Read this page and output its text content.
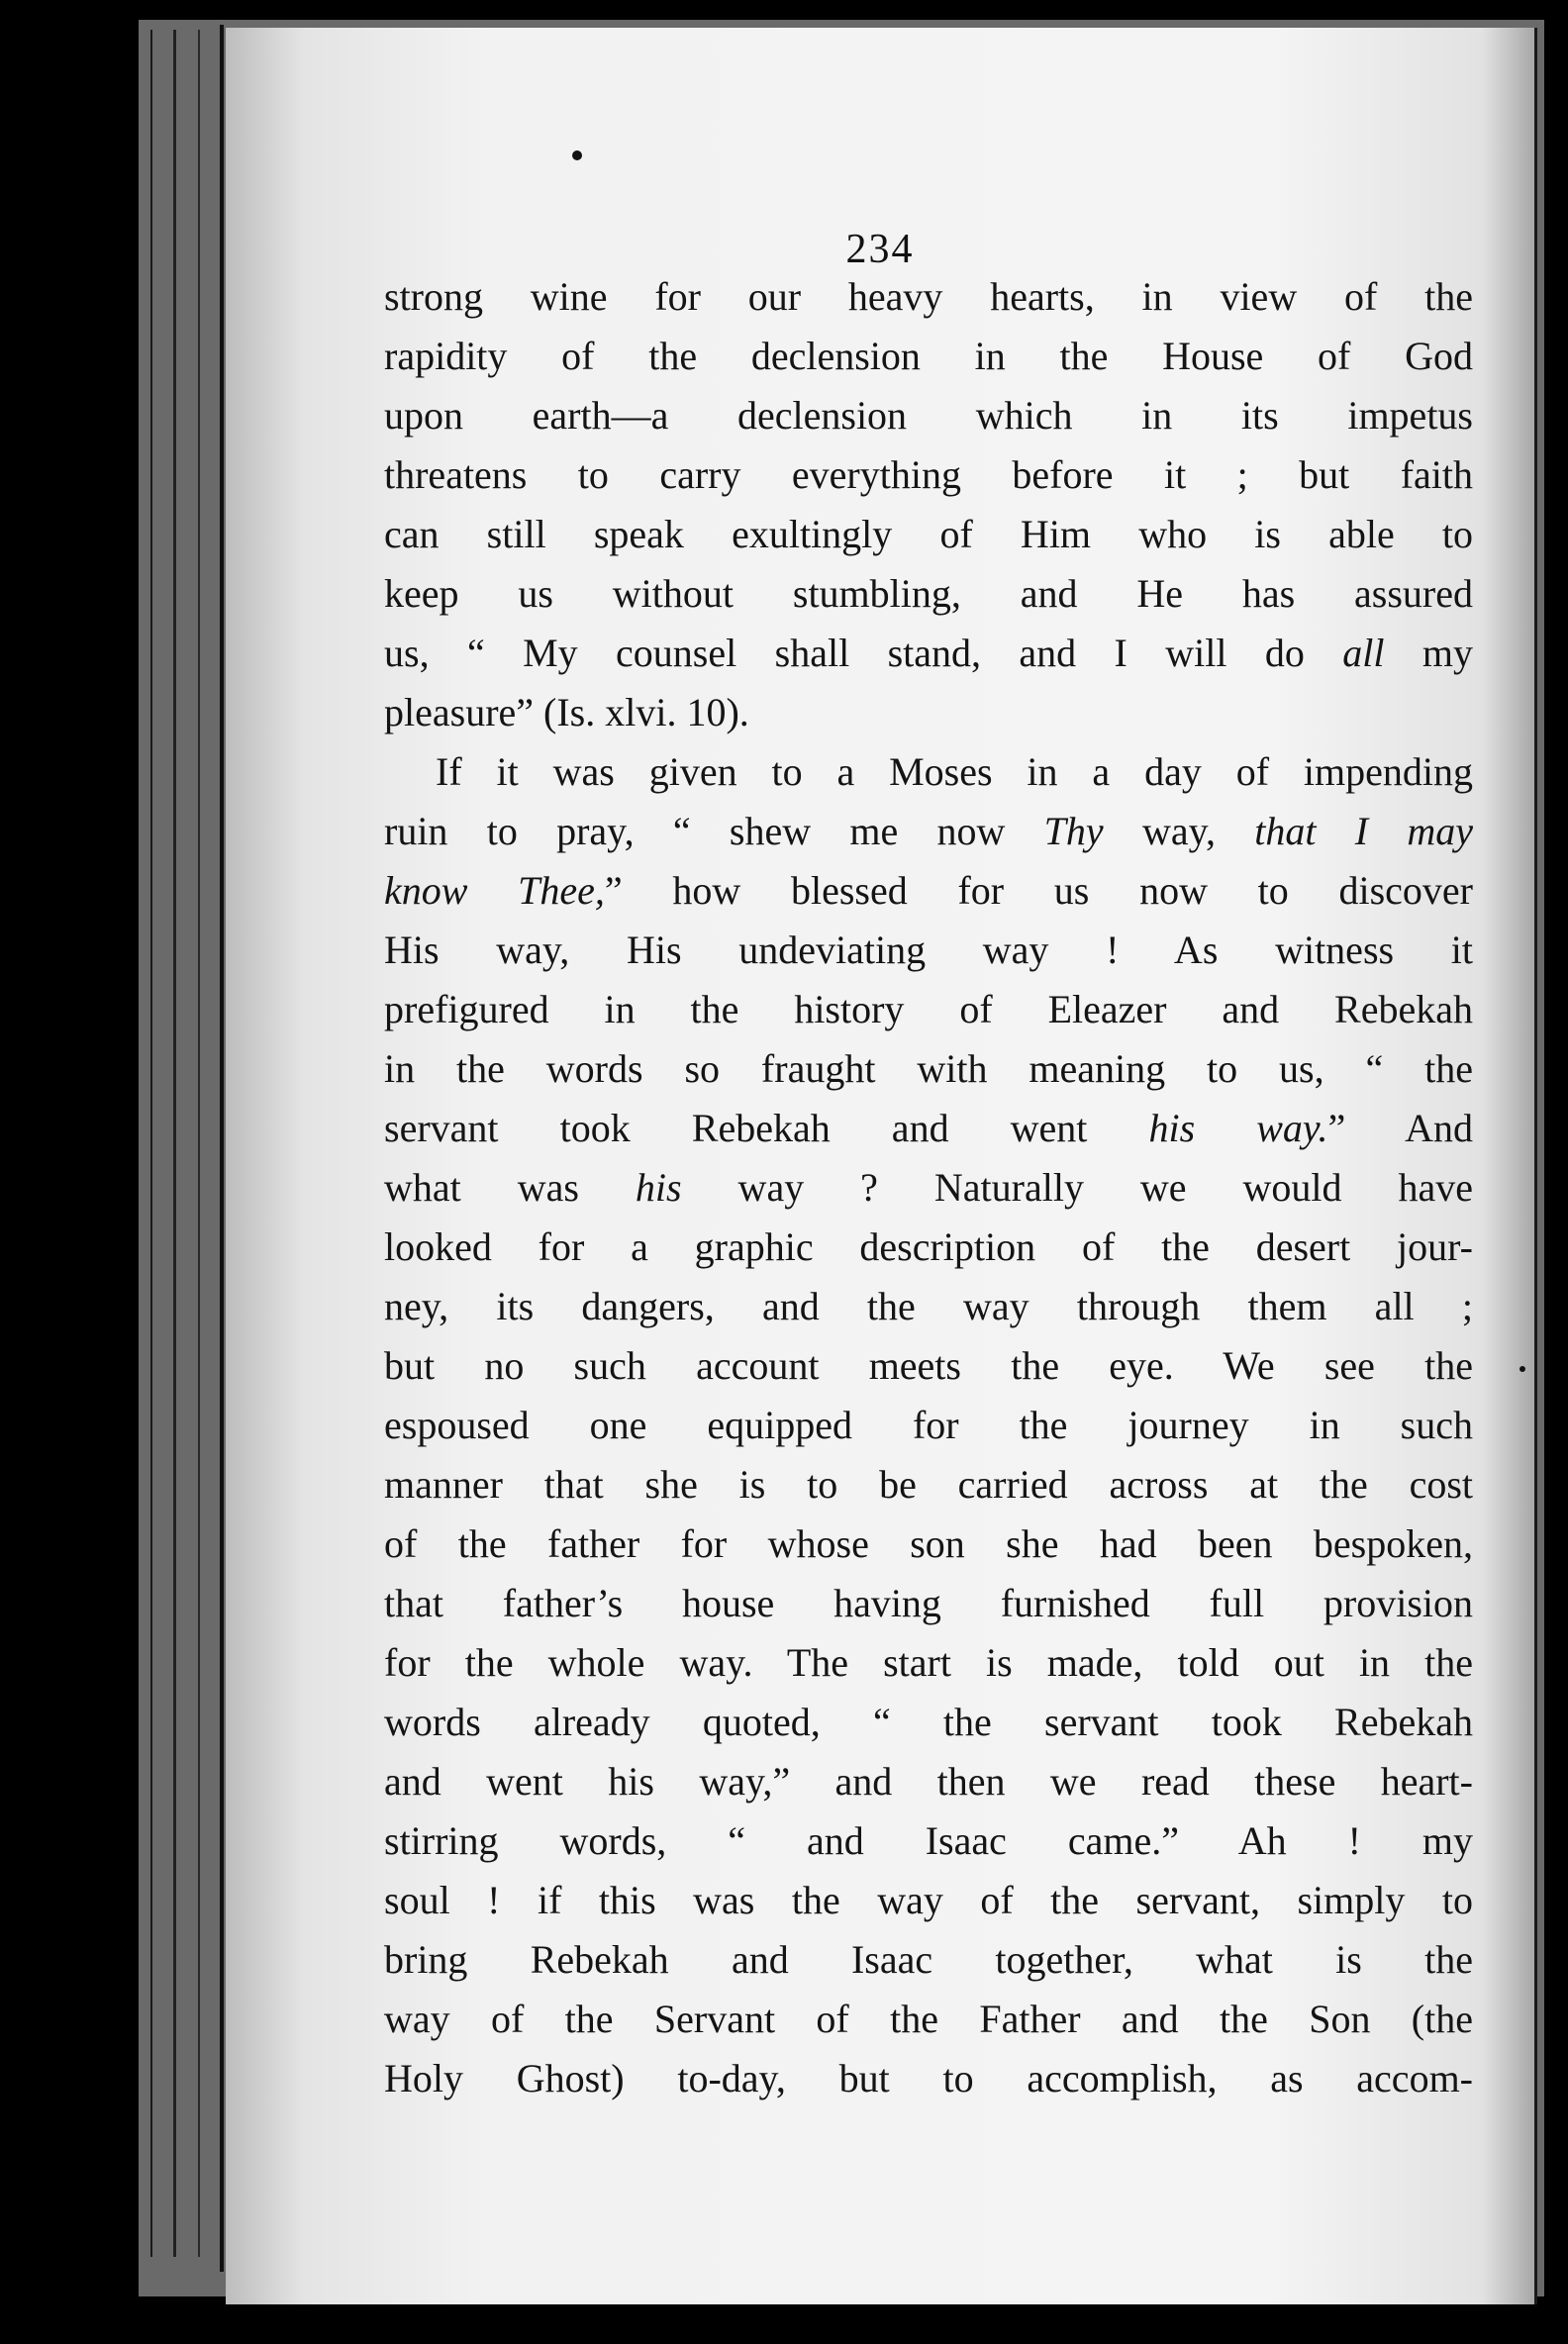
234
strong wine for our heavy hearts, in view of the
rapidity of the declension in the House of God
upon earth—a declension which in its impetus
threatens to carry everything before it ; but faith
can still speak exultingly of Him who is able to
keep us without stumbling, and He has assured
us, “ My counsel shall stand, and I will do all my
pleasure” (Is. xlvi. 10).
If it was given to a Moses in a day of impending
ruin to pray, “ shew me now Thy way, that I may
know Thee,” how blessed for us now to discover
His way, His undeviating way ! As witness it
prefigured in the history of Eleazer and Rebekah
in the words so fraught with meaning to us, “ the
servant took Rebekah and went his way.” And
what was his way ? Naturally we would have
looked for a graphic description of the desert jour-
ney, its dangers, and the way through them all ;
but no such account meets the eye. We see the
espoused one equipped for the journey in such
manner that she is to be carried across at the cost
of the father for whose son she had been bespoken,
that father’s house having furnished full provision
for the whole way. The start is made, told out in the
words already quoted, “ the servant took Rebekah
and went his way,” and then we read these heart-
stirring words, “ and Isaac came.” Ah ! my
soul ! if this was the way of the servant, simply to
bring Rebekah and Isaac together, what is the
way of the Servant of the Father and the Son (the
Holy Ghost) to-day, but to accomplish, as accom-
